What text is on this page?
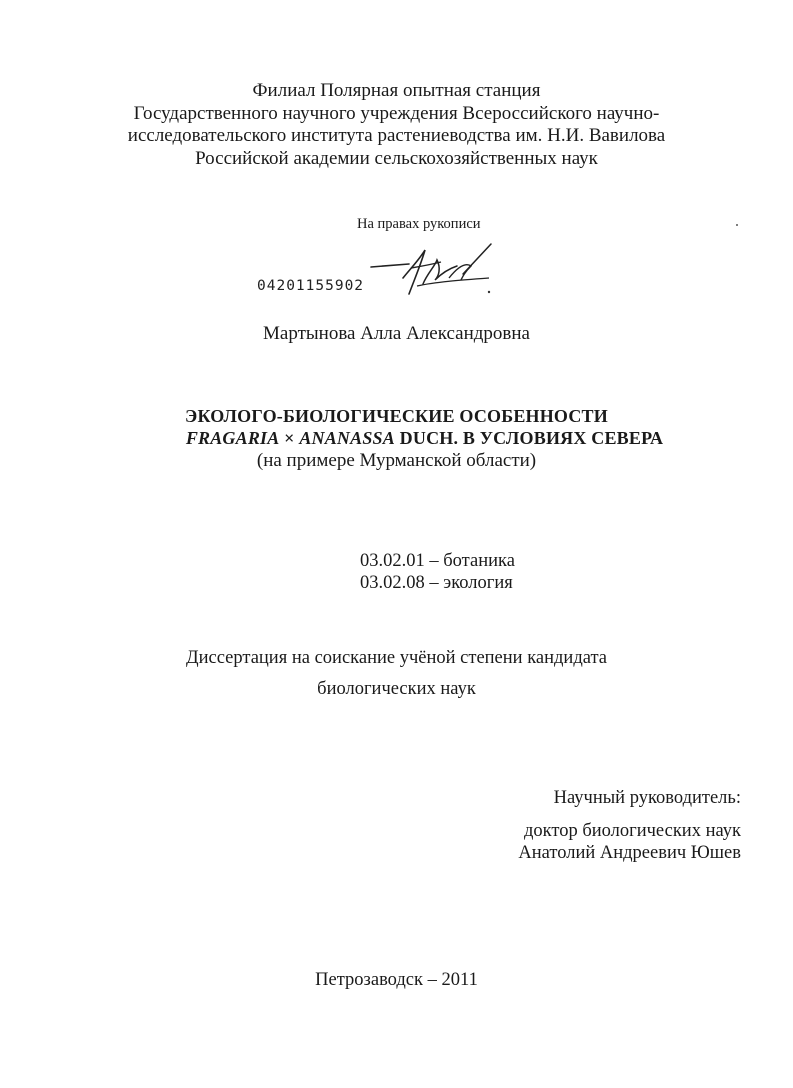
Филиал Полярная опытная станция
Государственного научного учреждения Всероссийского научно-
исследовательского института растениеводства им. Н.И. Вавилова
Российской академии сельскохозяйственных наук
На правах рукописи
04201155902
Мартынова Алла Александровна
ЭКОЛОГО-БИОЛОГИЧЕСКИЕ ОСОБЕННОСТИ
FRAGARIA × ANANASSA DUCH. В УСЛОВИЯХ СЕВЕРА
(на примере Мурманской области)
03.02.01 – ботаника
03.02.08 – экология
Диссертация на соискание учёной степени кандидата
биологических наук
Научный руководитель:
доктор биологических наук
Анатолий Андреевич Юшев
Петрозаводск – 2011
